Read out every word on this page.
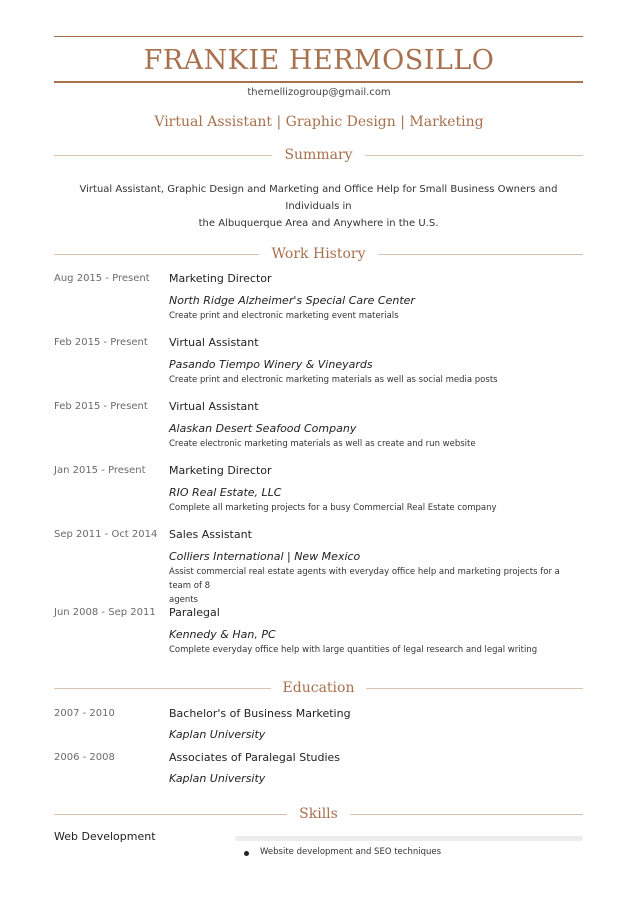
FRANKIE HERMOSILLO
themellizogroup@gmail.com
Virtual Assistant | Graphic Design | Marketing
Summary
Virtual Assistant, Graphic Design and Marketing and Office Help for Small Business Owners and Individuals in
the Albuquerque Area and Anywhere in the U.S.
Work History
Aug 2015 - Present	Marketing Director
North Ridge Alzheimer's Special Care Center
Create print and electronic marketing event materials
Feb 2015 - Present	Virtual Assistant
Pasando Tiempo Winery & Vineyards
Create print and electronic marketing materials as well as social media posts
Feb 2015 - Present	Virtual Assistant
Alaskan Desert Seafood Company
Create electronic marketing materials as well as create and run website
Jan 2015 - Present	Marketing Director
RIO Real Estate, LLC
Complete all marketing projects for a busy Commercial Real Estate company
Sep 2011 - Oct 2014	Sales Assistant
Colliers International | New Mexico
Assist commercial real estate agents with everyday office help and marketing projects for a team of 8
agents
Jun 2008 - Sep 2011	Paralegal
Kennedy & Han, PC
Complete everyday office help with large quantities of legal research and legal writing
Education
2007 - 2010	Bachelor's of Business Marketing
Kaplan University
2006 - 2008	Associates of Paralegal Studies
Kaplan University
Skills
Web Development
Website development and SEO techniques
